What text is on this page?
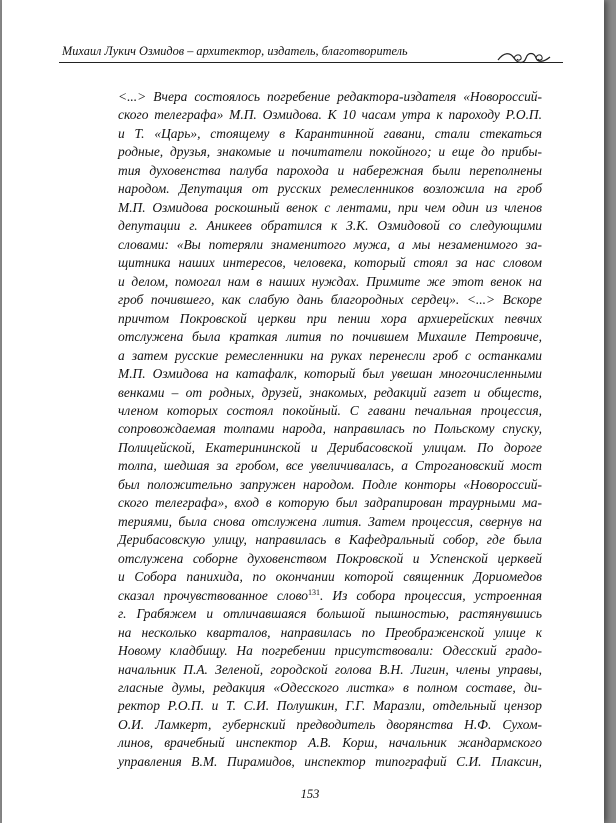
Михаил Лукич Озмидов – архитектор, издатель, благотворитель
<...> Вчера состоялось погребение редактора-издателя «Новороссий-
ского телеграфа» М.П. Озмидова. К 10 часам утра к пароходу Р.О.П.
и Т. «Царь», стоящему в Карантинной гавани, стали стекаться
родные, друзья, знакомые и почитатели покойного; и еще до прибы-
тия духовенства палуба парохода и набережная были переполнены
народом. Депутация от русских ремесленников возложила на гроб
М.П. Озмидова роскошный венок с лентами, при чем один из членов
депутации г. Аникеев обратился к З.К. Озмидовой со следующими
словами: «Вы потеряли знаменитого мужа, а мы незаменимого за-
щитника наших интересов, человека, который стоял за нас словом
и делом, помогал нам в наших нуждах. Примите же этот венок на
гроб почившего, как слабую дань благородных сердец». <...> Вскоре
причтом Покровской церкви при пении хора архиерейских певчих
отслужена была краткая лития по почившем Михаиле Петровиче,
а затем русские ремесленники на руках перенесли гроб с останками
М.П. Озмидова на катафалк, который был увешан многочисленными
венками – от родных, друзей, знакомых, редакций газет и обществ,
членом которых состоял покойный. С гавани печальная процессия,
сопровождаемая толпами народа, направилась по Польскому спуску,
Полицейской, Екатерининской и Дерибасовской улицам. По дороге
толпа, шедшая за гробом, все увеличивалась, а Строгановский мост
был положительно запружен народом. Подле конторы «Новороссий-
ского телеграфа», вход в которую был задрапирован траурными ма-
териями, была снова отслужена лития. Затем процессия, свернув на
Дерибасовскую улицу, направилась в Кафедральный собор, где была
отслужена соборне духовенством Покровской и Успенской церквей
и Собора панихида, по окончании которой священник Дориомедов
сказал прочувствованное слово$^{131}$. Из собора процессия, устроенная
г. Грабяжем и отличавшаяся большой пышностью, растянувшись
на несколько кварталов, направилась по Преображенской улице к
Новому кладбищу. На погребении присутствовали: Одесский градо-
начальник П.А. Зеленой, городской голова В.Н. Лигин, члены управы,
гласные думы, редакция «Одесского листка» в полном составе, ди-
ректор Р.О.П. и Т. С.И. Полушкин, Г.Г. Маразли, отдельный цензор
О.И. Ламкерт, губернский предводитель дворянства Н.Ф. Сухом-
линов, врачебный инспектор А.В. Корш, начальник жандармского
управления В.М. Пирамидов, инспектор типографий С.И. Плаксин,
153
